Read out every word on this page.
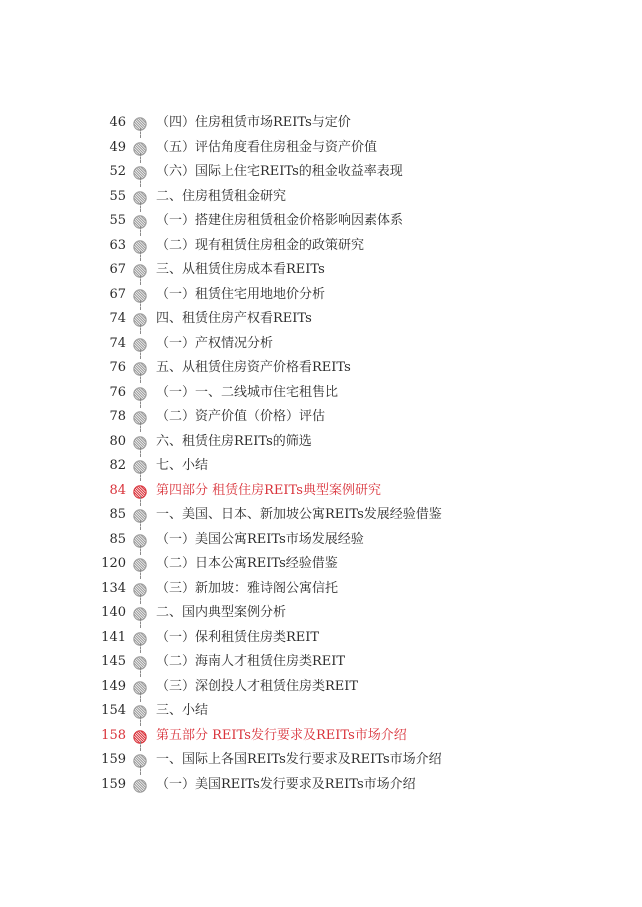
46 （四）住房租赁市场REITs与定价
49 （五）评估角度看住房租金与资产价值
52 （六）国际上住宅REITs的租金收益率表现
55 二、住房租赁租金研究
55 （一）搭建住房租赁租金价格影响因素体系
63 （二）现有租赁住房租金的政策研究
67 三、从租赁住房成本看REITs
67 （一）租赁住宅用地地价分析
74 四、租赁住房产权看REITs
74 （一）产权情况分析
76 五、从租赁住房资产价格看REITs
76 （一）一、二线城市住宅租售比
78 （二）资产价值（价格）评估
80 六、租赁住房REITs的筛选
82 七、小结
84 第四部分 租赁住房REITs典型案例研究
85 一、美国、日本、新加坡公寓REITs发展经验借鉴
85 （一）美国公寓REITs市场发展经验
120 （二）日本公寓REITs经验借鉴
134 （三）新加坡：雅诗阁公寓信托
140 二、国内典型案例分析
141 （一）保利租赁住房类REIT
145 （二）海南人才租赁住房类REIT
149 （三）深创投人才租赁住房类REIT
154 三、小结
158 第五部分 REITs发行要求及REITs市场介绍
159 一、国际上各国REITs发行要求及REITs市场介绍
159 （一）美国REITs发行要求及REITs市场介绍
